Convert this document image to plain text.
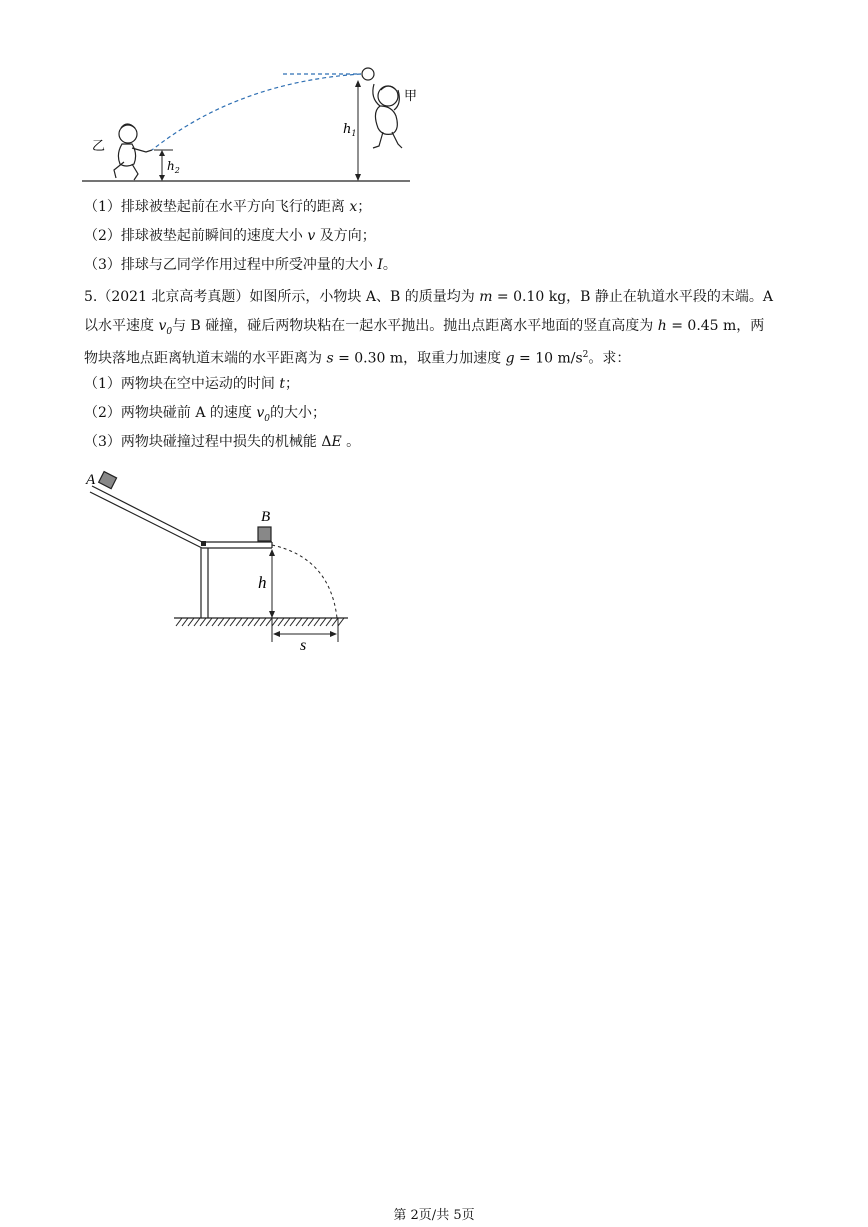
$h_1$
$h_2$
甲
乙
（1）排球被垫起前在水平方向飞行的距离 x；
（2）排球被垫起前瞬间的速度大小 v 及方向；
（3）排球与乙同学作用过程中所受冲量的大小 I。
5.（2021 北京高考真题）如图所示，小物块 A、B 的质量均为 m = 0.10 kg，B 静止在轨道水平段的末端。A
以水平速度 $v_0$与 B 碰撞，碰后两物块粘在一起水平抛出。抛出点距离水平地面的竖直高度为 h = 0.45 m，两
物块落地点距离轨道末端的水平距离为 s = 0.30 m，取重力加速度 g = 10 $m/s^2$。求：
（1）两物块在空中运动的时间 t；
（2）两物块碰前 A 的速度 $v_0$的大小；
（3）两物块碰撞过程中损失的机械能 ΔE 。
A
B
h
s
第 2页/共 5页
